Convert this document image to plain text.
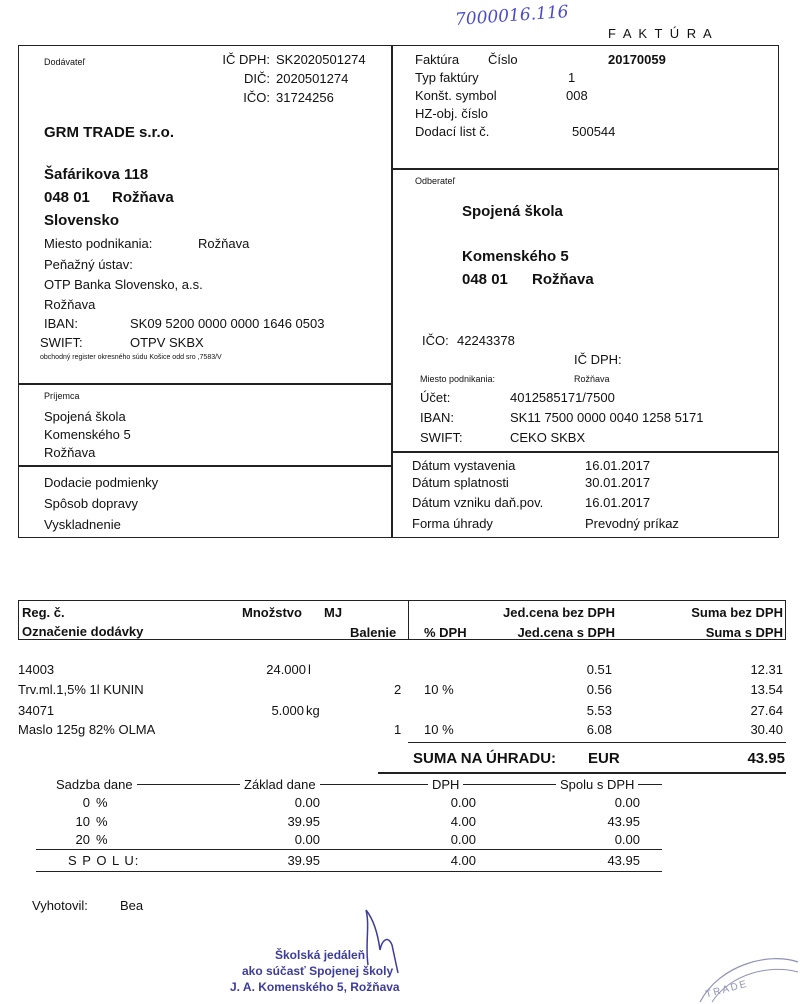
7000016.116
F A K T Ú R A
Dodávateľ	IČ DPH: SK2020501274
DIČ: 2020501274
IČO: 31724256
GRM TRADE s.r.o.
Šafárikova 118
048 01 Rožňava
Slovensko
Miesto podnikania:	Rožňava
Peňažný ústav:
OTP Banka Slovensko, a.s.
Rožňava
IBAN:	SK09 5200 0000 0000 1646 0503
SWIFT:	OTPV SKBX
obchodný register okresného súdu Košice odd sro ,7583/V
Faktúra Číslo	20170059
Typ faktúry	1
Konšt. symbol	008
HZ-obj. číslo
Dodací list č.	500544
Odberateľ
Spojená škola
Komenského 5
048 01 Rožňava
IČO: 42243378
IČ DPH:
Miesto podnikania:	Rožňava
Účet:	4012585171/7500
IBAN:	SK11 7500 0000 0040 1258 5171
SWIFT:	CEKO SKBX
Príjemca
Spojená škola
Komenského 5
Rožňava
Dodacie podmienky
Spôsob dopravy
Vyskladnenie
Dátum vystavenia	16.01.2017
Dátum splatnosti	30.01.2017
Dátum vzniku daň.pov.	16.01.2017
Forma úhrady	Prevodný príkaz
Reg. č.	Množstvo MJ	Jed.cena bez DPH	Suma bez DPH
Označenie dodávky	Balenie % DPH	Jed.cena s DPH	Suma s DPH
14003	24.000 l	0.51	12.31
Trv.ml.1,5% 1l KUNIN	2 10 %	0.56	13.54
34071	5.000 kg	5.53	27.64
Maslo 125g 82% OLMA	1 10 %	6.08	30.40
SUMA NA ÚHRADU: EUR	43.95
Sadzba dane	Základ dane	DPH	Spolu s DPH
0 %	0.00	0.00	0.00
10 %	39.95	4.00	43.95
20 %	0.00	0.00	0.00
S P O L U:	39.95	4.00	43.95
Vyhotovil: Bea
Školská jedáleň
ako súčasť Spojenej školy
J. A. Komenského 5, Rožňava	TRADE
